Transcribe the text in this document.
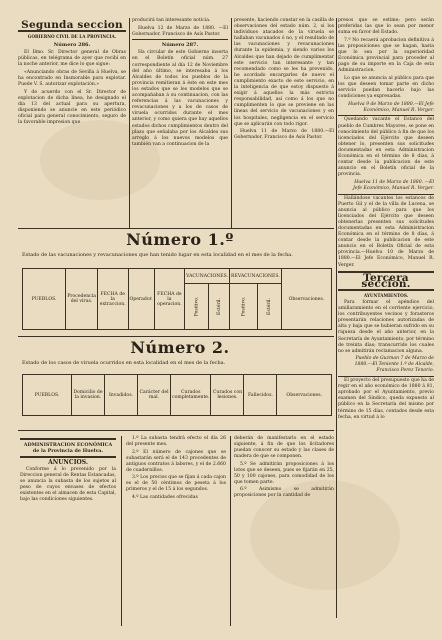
Segunda seccion
GOBIERNO CIVIL DE LA PROVINCIA.
Número 286.

El Ilmo. Sr. Director general de Obras públicas, en telégrama de ayer que recibí en la noche anterior, me dice lo que sigue:

«Anunciando obras de Sevilla á Huelva, se ha encontrado en Insmorable para explotar. Puede V. S. autorizar explotación.»

Y de acuerdo con el Sr. Director de explotacion de dicha línea, he designado el día 13 del actual para su apertura, disponiendo se anuncie en este periódico oficial para general conocimiento, seguro de la favorable impresion que

producirá tan interesante noticia.

Huelva 12 de Marzo de 1880. —El Gobernador, Francisco de Asís Pastor.

Número 287.

Ha circular de este Gobierno inserta en el Boletín oficial núm. 27 correspondiente al día 12 de Noviembre del año último, se interesaba á los Alcaldes de todos los pueblos de la provincia remitieran á éste en este mes los estados que se les modelos que se acompañaban á su continuacion, con las referencias á las vacunaciones y revacunaciones y a los de casos de viruela ocurridos durante el mes anterior, y como quiera que hay aquellos estados dichos cumplimientos dentro del plazo que señalaba por los Alcaldes sus arreglo á los nuevos modelos que también van a continuacion de la

presente, haciendo constar en la casilla de observaciones del estado núm. 2, si los individuos atacados de la viruela se hallaban vacunados ó no, y el resultado de las vacunaciones y revacunaciones durante la epidemia, y siendo varios los Alcaldes que han dejado de cumplimentar este servicio tan interesante y tan recomendado como se les ha prevenido, he acordado encargarles de nuevo el cumplimiento exacto de este servicio, en la inteligencia de que estoy dispuesto á exigir á aquellos la más estricta responsabilidad, así como á los que no cumplimenten lo que se previene en las líneas del servicio de vacunaciones y en los hospitales, negligencia en el servicio que se aplicarán con todo rigor.

Huelva 11 de Marzo de 1880.—El Gobernador, Francisco de Asís Pastor.

presos que se estime; pero serán preferidas las que lo sean por menor suma en favor del Estado.

7.ª No recaerá aprobacion definitiva á las proposiciones que se hagan, hasta que lo sea por la superioridad Económica provincial para proceder al pago de su importe en la Caja de esta Administracion.

Lo que se anuncia al público para que los que deseen tomar parte en dicho servicio puedan hacerlo bajo las condiciones ya expresadas.

Huelva 9 de Marzo de 1880.—El Jefe Económico, Manuel R. Verger.

Quedando vacante el Estanco del pueblo de Cumbres Mayores, se pone en conocimiento del público á fin de que los licenciados del Ejército que deseen obtener lo, presenten sus solicitudes documentadas en esta Administracion Económica en el término de 8 días, á contar desde la publicacion de este anuncio en el Boletín oficial de la provincia.

Huelva 11 de Marzo de 1880. —El Jefe Económico, Manuel R. Verger.

Hallándose vacantes los estancos de Puerto Gil y el de la villa de Lucena, se anuncia al público para que los licenciados del Ejército que deseen obtenerlas presenten sus solicitudes documentadas en esta Administracion Económica en el término de 8 días, á contar desde la publicacion de este anuncio en el Boletín Oficial de esta provincia.—Huelva 10 de Marzo de 1880.—El Jefe Económico, Manuel R. Verger.

Tercera seccion.
AYUNTAMIENTOS.

Para formar el apéndice del amillaramiento en el corriente ejercicio, los contribuyentes vecinos y forasteros presentarán relaciones autorizadas de alta y baja que se hubieran sufrido en su riqueza desde el año anterior, en la Secretaría de Ayuntamiento, por término de treinta días; transcurrido los cuales no se admitirán reclamacion alguna.

Pueblo de Guzman 7 de Marzo de 1880.—El Teniente 1.º de Alcalde, Francisco Perez Tenorio.

El proyecto del presupuesto que ha de regir en el año económico de 1880 á 81, aprobado por el Ayuntamiento, previo examen del Sindico, queda expuesto al público en la Secretaría del mismo por término de 15 días, contados desde esta fecha, en virtud á lo

Número 1.º
Estado de las vacunaciones y revacunaciones que han tenido lugar en esta localidad en el mes de la fecha.
PUEBLOS.	Procedencia del virus.	FECHA de la extraccion.	Operador.	FECHA de la operacion.	VACUNACIONES.		REVACUNACIONES.		Observaciones.
					Positivo.	Estéril.	Positivo.	Estéril.	
Número 2.
Estado de los casos de viruela ocurridos en esta localidad en el mes de la fecha.
PUEBLOS.	Domicilio de la invasion.	Invadidos.	Carácter del mal.	Curados completamente.	Curados con lesiones.	Fallecidos.	Observaciones.
ADMINISTRACION ECONÓMICA de la Provincia de Huelva.
ANUNCIOS.

Conforme á lo prevenido por la Direccion general de Rentas Estancadas, se anuncia la subasta de los sujetos al peso de cuyos envases de efectos existentes en el almacen de esta Capital, bajo las condiciones siguientes.

1.º La subasta tendrá efecto el día 26 del presente mes.

2.º El número de cajones que se subastarán será el de 143 procedentes de antiguos contratos á labores, y el de 2.660 de cuadernillos.

3.º Los precios que se fijan á cada cajon es el de 50 céntimos de peseta á los primeros y el de 15 á los segundos.

4.º Las cantidades ofrecidas

deberán de manifestarlo en el estado siguiente, á fin de que los licitadores puedan conocer su estado y las clases de madera de que se componen.

5.º Se admitirán proposiciones á los lotes que se deseen, pues se fijarán en 25, 50 y 100 cajones, para comodidad de los que tomen parte.

6.º Asimismo se admitirán proposiciones por la cantidad de
